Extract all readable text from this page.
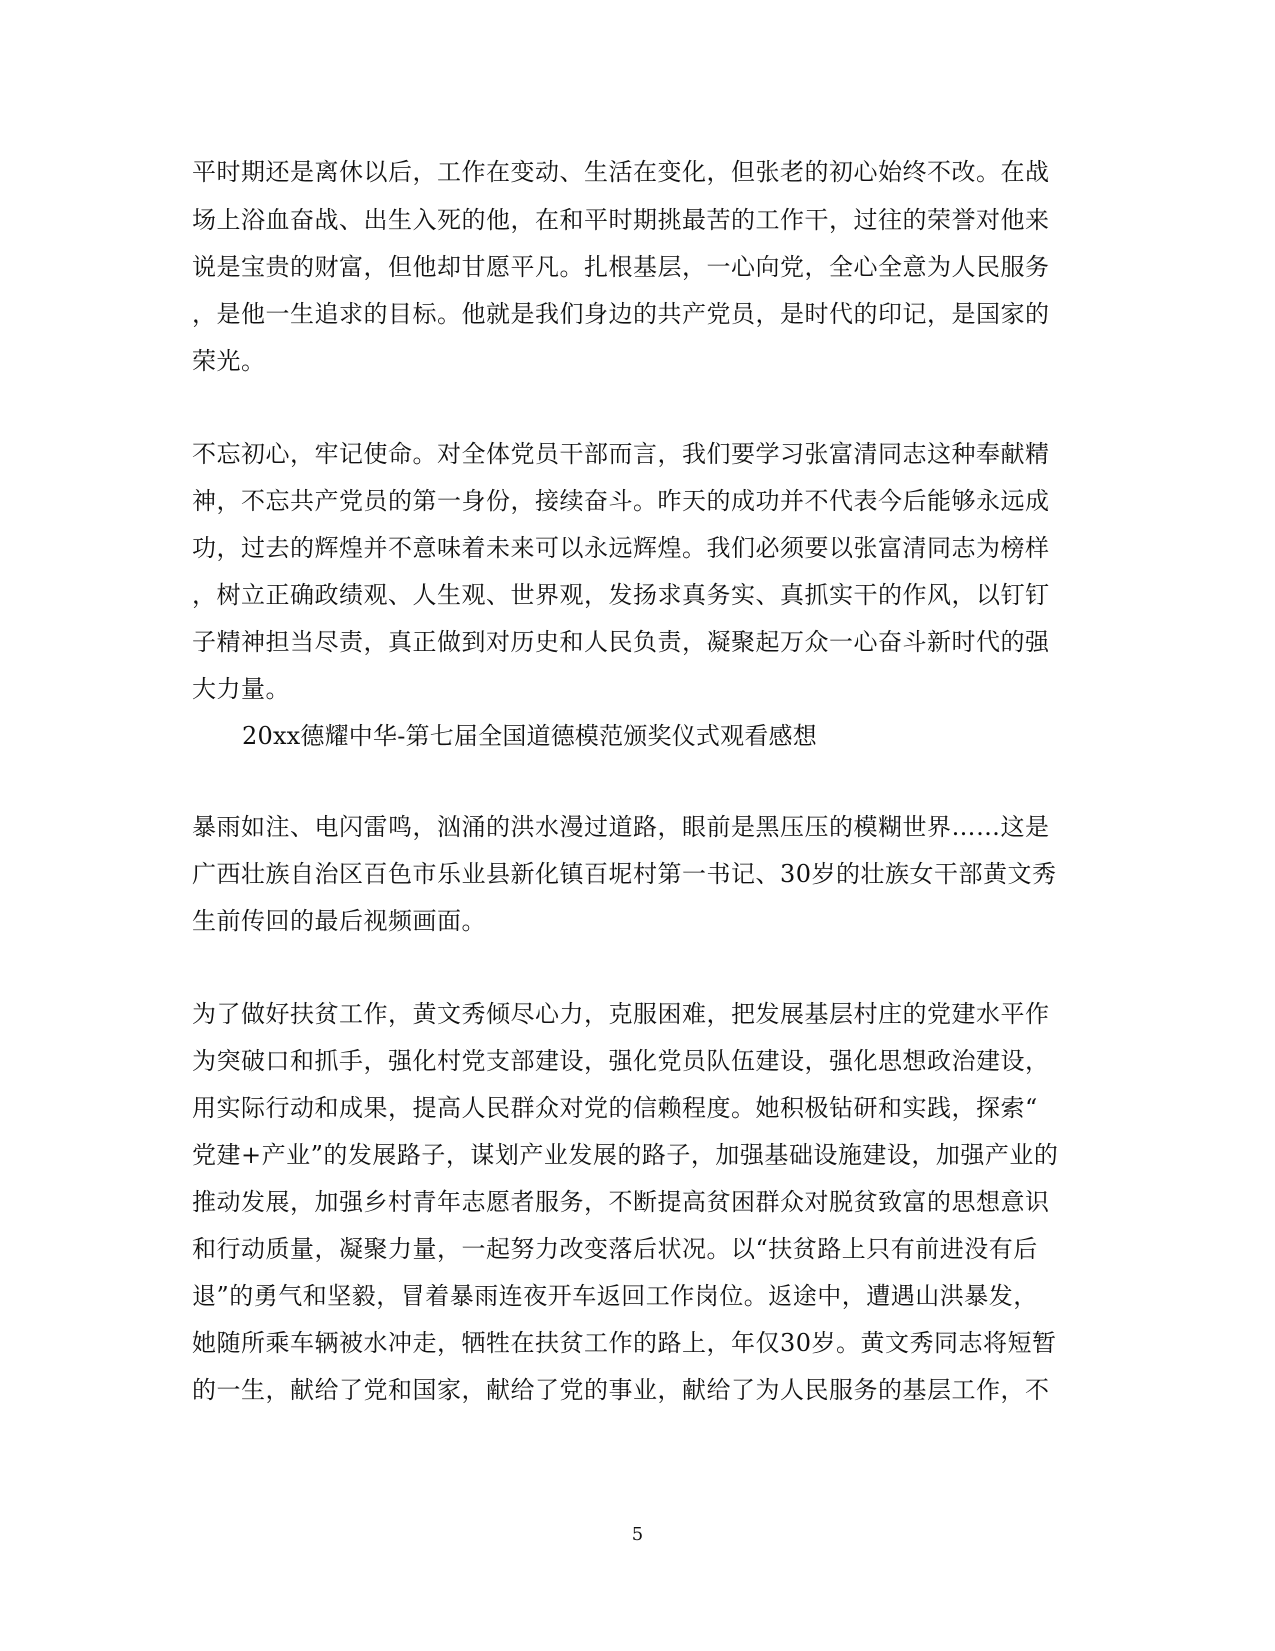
平时期还是离休以后，工作在变动、生活在变化，但张老的初心始终不改。在战
场上浴血奋战、出生入死的他，在和平时期挑最苦的工作干，过往的荣誉对他来
说是宝贵的财富，但他却甘愿平凡。扎根基层，一心向党，全心全意为人民服务
，是他一生追求的目标。他就是我们身边的共产党员，是时代的印记，是国家的
荣光。
不忘初心，牢记使命。对全体党员干部而言，我们要学习张富清同志这种奉献精
神，不忘共产党员的第一身份，接续奋斗。昨天的成功并不代表今后能够永远成
功，过去的辉煌并不意味着未来可以永远辉煌。我们必须要以张富清同志为榜样
，树立正确政绩观、人生观、世界观，发扬求真务实、真抓实干的作风，以钉钉
子精神担当尽责，真正做到对历史和人民负责，凝聚起万众一心奋斗新时代的强
大力量。
20xx德耀中华-第七届全国道德模范颁奖仪式观看感想
暴雨如注、电闪雷鸣，汹涌的洪水漫过道路，眼前是黑压压的模糊世界……这是
广西壮族自治区百色市乐业县新化镇百坭村第一书记、30岁的壮族女干部黄文秀
生前传回的最后视频画面。
为了做好扶贫工作，黄文秀倾尽心力，克服困难，把发展基层村庄的党建水平作
为突破口和抓手，强化村党支部建设，强化党员队伍建设，强化思想政治建设，
用实际行动和成果，提高人民群众对党的信赖程度。她积极钻研和实践，探索“
党建+产业”的发展路子，谋划产业发展的路子，加强基础设施建设，加强产业的
推动发展，加强乡村青年志愿者服务，不断提高贫困群众对脱贫致富的思想意识
和行动质量，凝聚力量，一起努力改变落后状况。以“扶贫路上只有前进没有后
退”的勇气和坚毅，冒着暴雨连夜开车返回工作岗位。返途中，遭遇山洪暴发，
她随所乘车辆被水冲走，牺牲在扶贫工作的路上，年仅30岁。黄文秀同志将短暂
的一生，献给了党和国家，献给了党的事业，献给了为人民服务的基层工作，不
5
